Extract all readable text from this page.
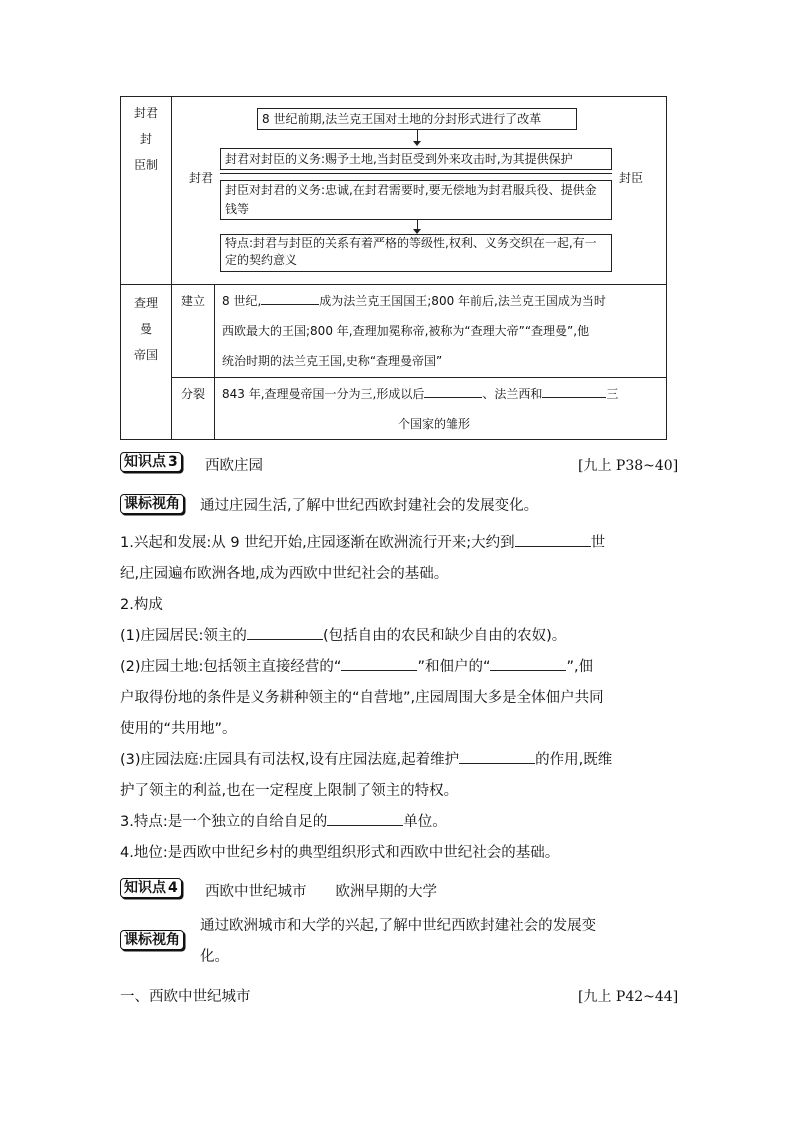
封君
封
臣制
封君	封臣
8 世纪前期,法兰克王国对土地的分封形式进行了改革
封君对封臣的义务:赐予土地,当封臣受到外来攻击时,为其提供保护
封臣对封君的义务:忠诚,在封君需要时,要无偿地为封君服兵役、提供金钱等
特点:封君与封臣的关系有着严格的等级性,权利、义务交织在一起,有一定的契约意义
查理
曼
帝国
建立	8 世纪,	成为法兰克王国国王;800 年前后,法兰克王国成为当时
西欧最大的王国;800 年,查理加冕称帝,被称为“查理大帝”“查理曼”,他
统治时期的法兰克王国,史称“查理曼帝国”
分裂	843 年,查理曼帝国一分为三,形成以后	、法兰西和	三
个国家的雏形
知识点 3 西欧庄园	[九上 P38~40]
课标视角 通过庄园生活,了解中世纪西欧封建社会的发展变化。
1.兴起和发展:从 9 世纪开始,庄园逐渐在欧洲流行开来;大约到	世
纪,庄园遍布欧洲各地,成为西欧中世纪社会的基础。
2.构成
(1)庄园居民:领主的	(包括自由的农民和缺少自由的农奴)。
(2)庄园土地:包括领主直接经营的“	”和佃户的“	”,佃
户取得份地的条件是义务耕种领主的“自营地”,庄园周围大多是全体佃户共同
使用的“共用地”。
(3)庄园法庭:庄园具有司法权,设有庄园法庭,起着维护	的作用,既维
护了领主的利益,也在一定程度上限制了领主的特权。
3.特点:是一个独立的自给自足的	单位。
4.地位:是西欧中世纪乡村的典型组织形式和西欧中世纪社会的基础。
知识点 4 西欧中世纪城市　　欧洲早期的大学
通过欧洲城市和大学的兴起,了解中世纪西欧封建社会的发展变
课标视角
化。
一、西欧中世纪城市	[九上 P42~44]
